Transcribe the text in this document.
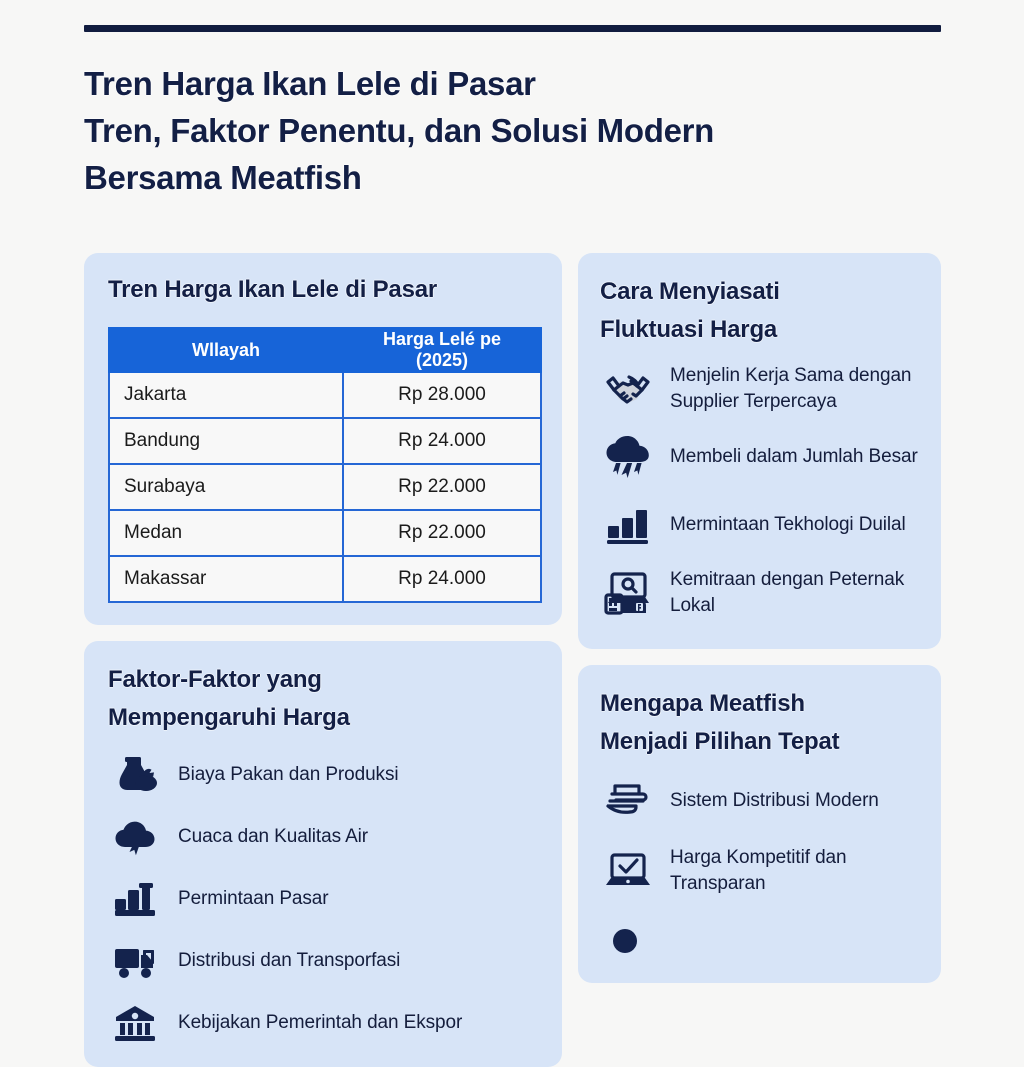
Tren Harga Ikan Lele di Pasar
Tren, Faktor Penentu, dan Solusi Modern
Bersama Meatfish
Tren Harga Ikan Lele di Pasar
Wllayah	Harga Lelé pe (2025)
Jakarta	Rp 28.000
Bandung	Rp 24.000
Surabaya	Rp 22.000
Medan	Rp 22.000
Makassar	Rp 24.000
Faktor-Faktor yang
Mempengaruhi Harga
Biaya Pakan dan Produksi
Cuaca dan Kualitas Air
Permintaan Pasar
Distribusi dan Transporfasi
Kebijakan Pemerintah dan Ekspor
Cara Menyiasati
Fluktuasi Harga
Menjelin Kerja Sama dengan Supplier Terpercaya
Membeli dalam Jumlah Besar
Mermintaan Tekhologi Duilal
Kemitraan dengan Peternak Lokal
Mengapa Meatfish
Menjadi Pilihan Tepat
Sistem Distribusi Modern
Harga Kompetitif dan Transparan
